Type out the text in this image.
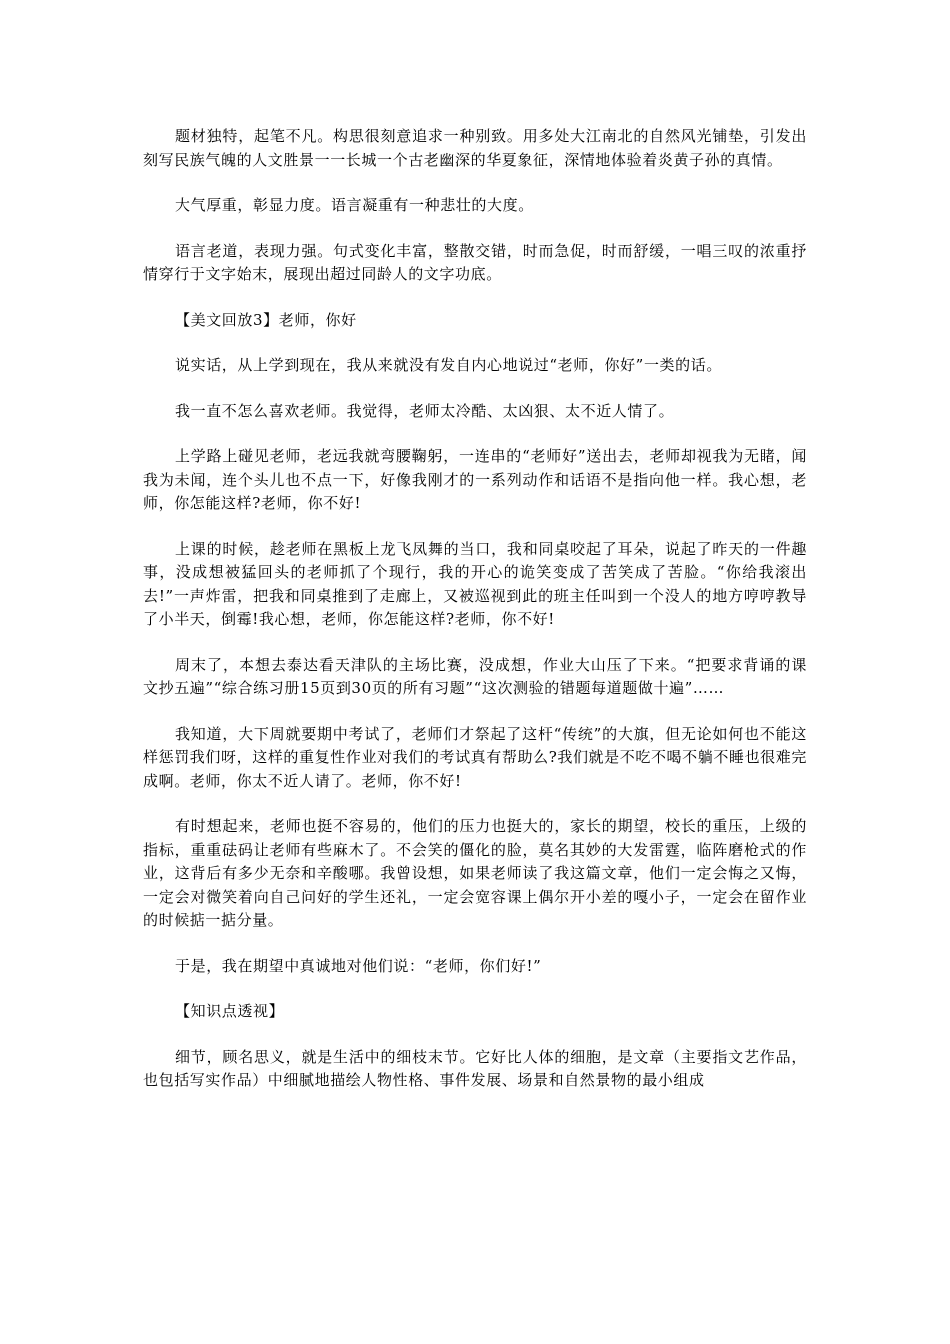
题材独特，起笔不凡。构思很刻意追求一种别致。用多处大江南北的自然风光铺垫，引发出刻写民族气魄的人文胜景一一长城一个古老幽深的华夏象征，深情地体验着炎黄子孙的真情。

大气厚重，彰显力度。语言凝重有一种悲壮的大度。

语言老道，表现力强。句式变化丰富，整散交错，时而急促，时而舒缓，一唱三叹的浓重抒情穿行于文字始末，展现出超过同龄人的文字功底。

【美文回放3】老师，你好

说实话，从上学到现在，我从来就没有发自内心地说过“老师，你好”一类的话。

我一直不怎么喜欢老师。我觉得，老师太冷酷、太凶狠、太不近人情了。

上学路上碰见老师，老远我就弯腰鞠躬，一连串的“老师好”送出去，老师却视我为无睹，闻我为未闻，连个头儿也不点一下，好像我刚才的一系列动作和话语不是指向他一样。我心想，老师，你怎能这样?老师，你不好!

上课的时候，趁老师在黑板上龙飞凤舞的当口，我和同桌咬起了耳朵，说起了昨天的一件趣事，没成想被猛回头的老师抓了个现行，我的开心的诡笑变成了苦笑成了苦脸。“你给我滚出去!”一声炸雷，把我和同桌推到了走廊上，又被巡视到此的班主任叫到一个没人的地方哼哼教导了小半天，倒霉!我心想，老师，你怎能这样?老师，你不好!

周末了，本想去泰达看天津队的主场比赛，没成想，作业大山压了下来。“把要求背诵的课文抄五遍”“综合练习册15页到30页的所有习题”“这次测验的错题每道题做十遍”……

我知道，大下周就要期中考试了，老师们才祭起了这杆“传统”的大旗，但无论如何也不能这样惩罚我们呀，这样的重复性作业对我们的考试真有帮助么?我们就是不吃不喝不躺不睡也很难完成啊。老师，你太不近人请了。老师，你不好!

有时想起来，老师也挺不容易的，他们的压力也挺大的，家长的期望，校长的重压，上级的指标，重重砝码让老师有些麻木了。不会笑的僵化的脸，莫名其妙的大发雷霆，临阵磨枪式的作业，这背后有多少无奈和辛酸哪。我曾设想，如果老师读了我这篇文章，他们一定会悔之又悔，一定会对微笑着向自己问好的学生还礼，一定会宽容课上偶尔开小差的嘎小子，一定会在留作业的时候掂一掂分量。

于是，我在期望中真诚地对他们说：“老师，你们好!”

【知识点透视】

细节，顾名思义，就是生活中的细枝末节。它好比人体的细胞，是文章（主要指文艺作品，也包括写实作品）中细腻地描绘人物性格、事件发展、场景和自然景物的最小组成
